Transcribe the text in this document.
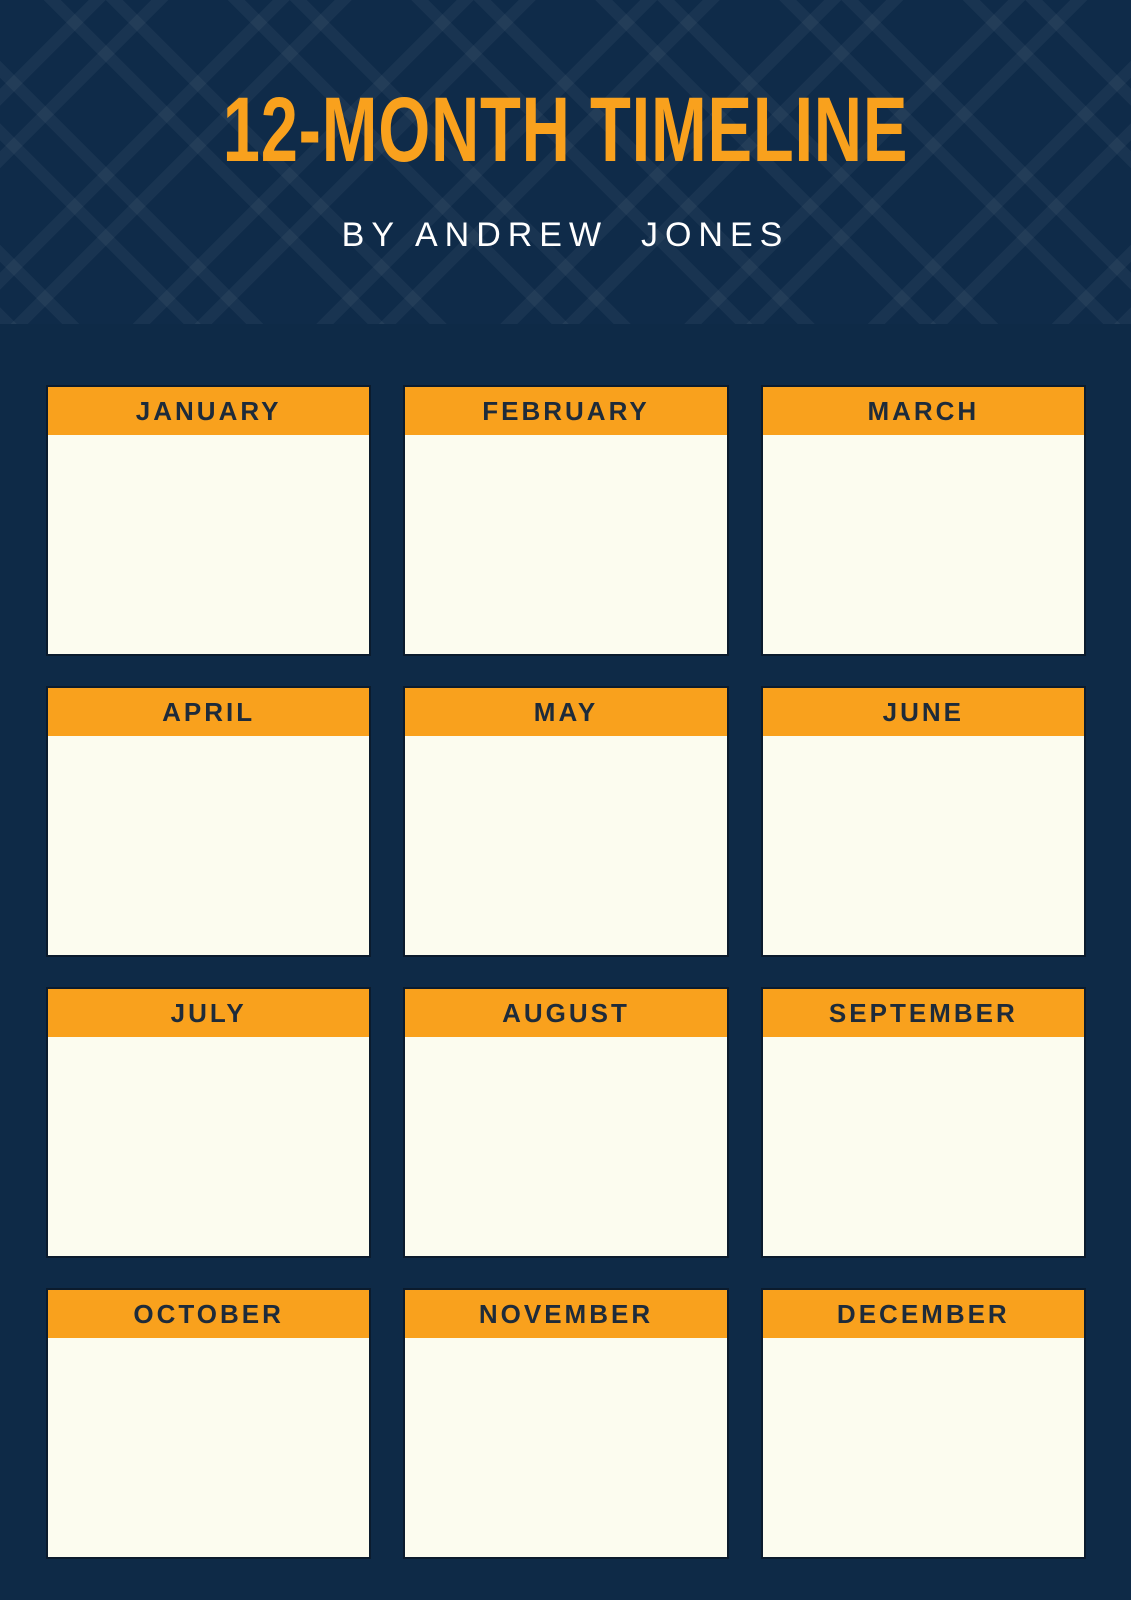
12-MONTH TIMELINE

BY ANDREW  JONES

JANUARY	FEBRUARY	MARCH
APRIL	MAY	JUNE
JULY	AUGUST	SEPTEMBER
OCTOBER	NOVEMBER	DECEMBER
